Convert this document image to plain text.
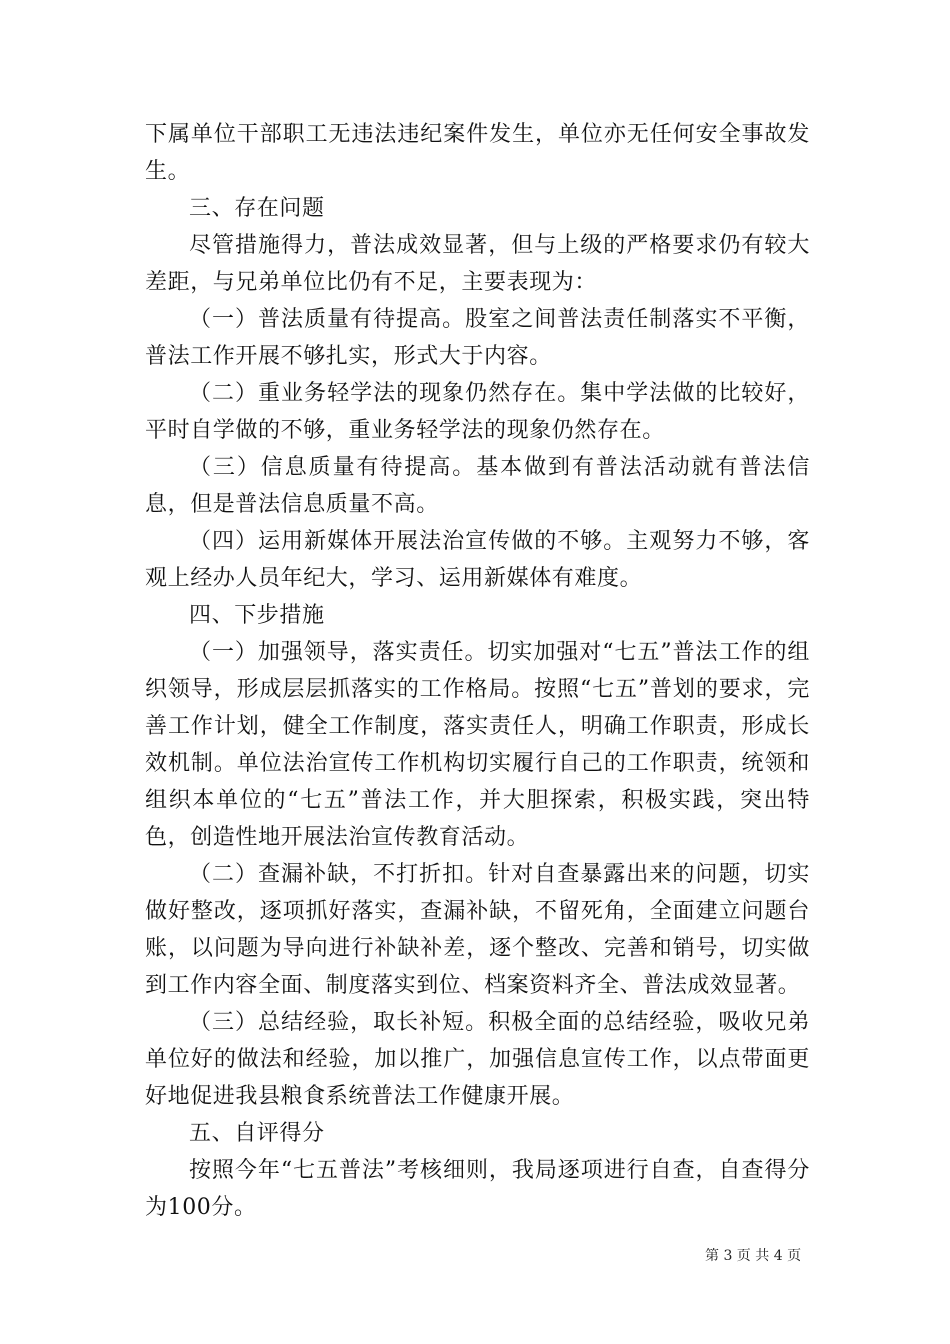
下属单位干部职工无违法违纪案件发生，单位亦无任何安全事故发生。

三、存在问题

尽管措施得力，普法成效显著，但与上级的严格要求仍有较大差距，与兄弟单位比仍有不足，主要表现为：

（一）普法质量有待提高。股室之间普法责任制落实不平衡，普法工作开展不够扎实，形式大于内容。

（二）重业务轻学法的现象仍然存在。集中学法做的比较好，平时自学做的不够，重业务轻学法的现象仍然存在。

（三）信息质量有待提高。基本做到有普法活动就有普法信息，但是普法信息质量不高。

（四）运用新媒体开展法治宣传做的不够。主观努力不够，客观上经办人员年纪大，学习、运用新媒体有难度。

四、下步措施

（一）加强领导，落实责任。切实加强对“七五”普法工作的组织领导，形成层层抓落实的工作格局。按照“七五”普划的要求，完善工作计划，健全工作制度，落实责任人，明确工作职责，形成长效机制。单位法治宣传工作机构切实履行自己的工作职责，统领和组织本单位的“七五”普法工作，并大胆探索，积极实践，突出特色，创造性地开展法治宣传教育活动。

（二）查漏补缺，不打折扣。针对自查暴露出来的问题，切实做好整改，逐项抓好落实，查漏补缺，不留死角，全面建立问题台账，以问题为导向进行补缺补差，逐个整改、完善和销号，切实做到工作内容全面、制度落实到位、档案资料齐全、普法成效显著。

（三）总结经验，取长补短。积极全面的总结经验，吸收兄弟单位好的做法和经验，加以推广，加强信息宣传工作，以点带面更好地促进我县粮食系统普法工作健康开展。

五、自评得分

按照今年“七五普法”考核细则，我局逐项进行自查，自查得分为100分。

第 3 页 共 4 页
